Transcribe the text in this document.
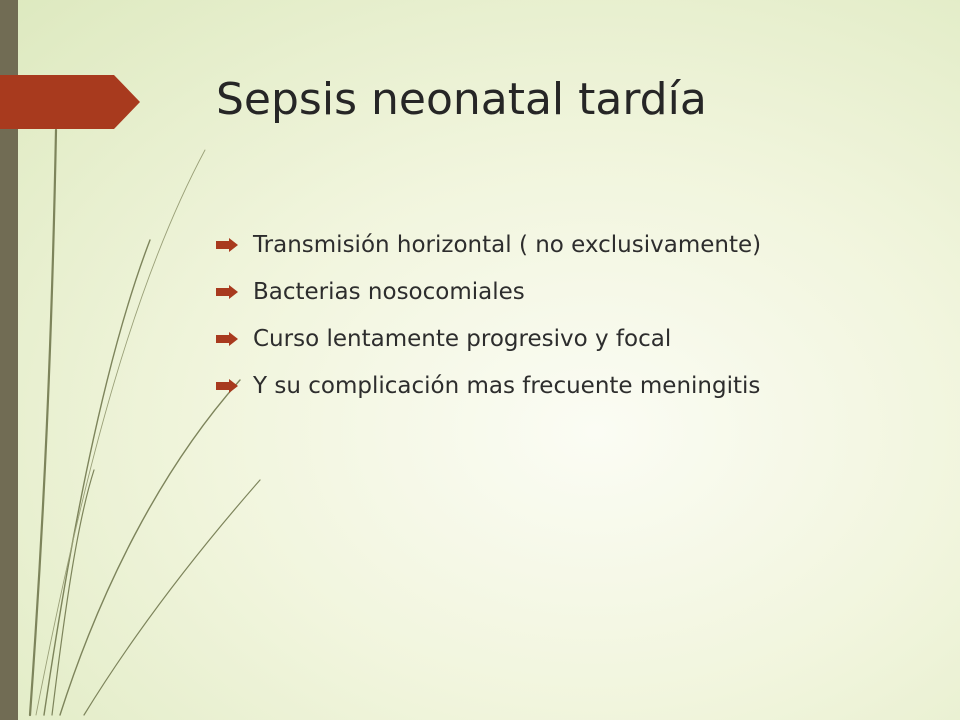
Sepsis neonatal tardía
Transmisión horizontal ( no exclusivamente)
Bacterias nosocomiales
Curso lentamente progresivo y focal
Y su complicación mas frecuente meningitis
